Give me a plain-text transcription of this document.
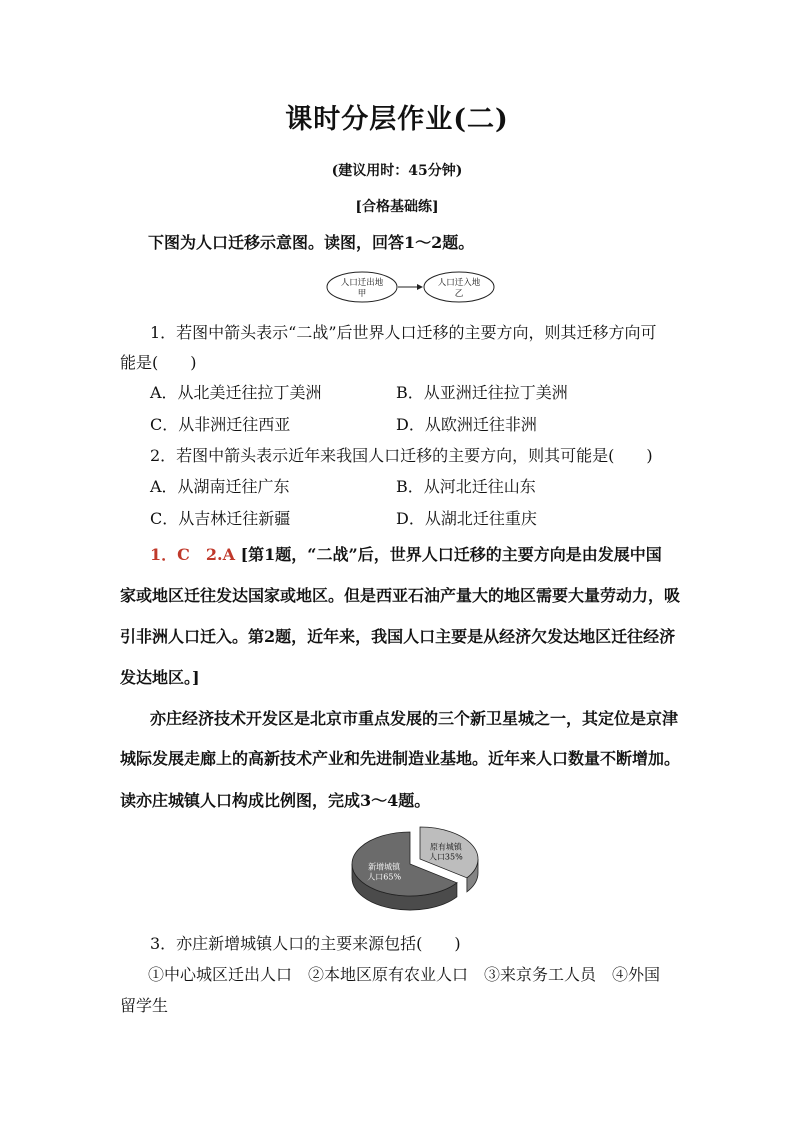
课时分层作业(二)
(建议用时：45分钟)
[合格基础练]
下图为人口迁移示意图。读图，回答1～2题。
人口迁出地
甲
人口迁入地
乙
1．若图中箭头表示“二战”后世界人口迁移的主要方向，则其迁移方向可
能是(　　)
A．从北美迁往拉丁美洲	B．从亚洲迁往拉丁美洲
C．从非洲迁往西亚	D．从欧洲迁往非洲
2．若图中箭头表示近年来我国人口迁移的主要方向，则其可能是(　　)
A．从湖南迁往广东	B．从河北迁往山东
C．从吉林迁往新疆	D．从湖北迁往重庆
1．C　2.A [第1题，“二战”后，世界人口迁移的主要方向是由发展中国
家或地区迁往发达国家或地区。但是西亚石油产量大的地区需要大量劳动力，吸
引非洲人口迁入。第2题，近年来，我国人口主要是从经济欠发达地区迁往经济
发达地区。]
亦庄经济技术开发区是北京市重点发展的三个新卫星城之一，其定位是京津
城际发展走廊上的高新技术产业和先进制造业基地。近年来人口数量不断增加。
读亦庄城镇人口构成比例图，完成3～4题。
新增城镇
人口65%
原有城镇
人口35%
3．亦庄新增城镇人口的主要来源包括(　　)
①中心城区迁出人口　②本地区原有农业人口　③来京务工人员　④外国
留学生
